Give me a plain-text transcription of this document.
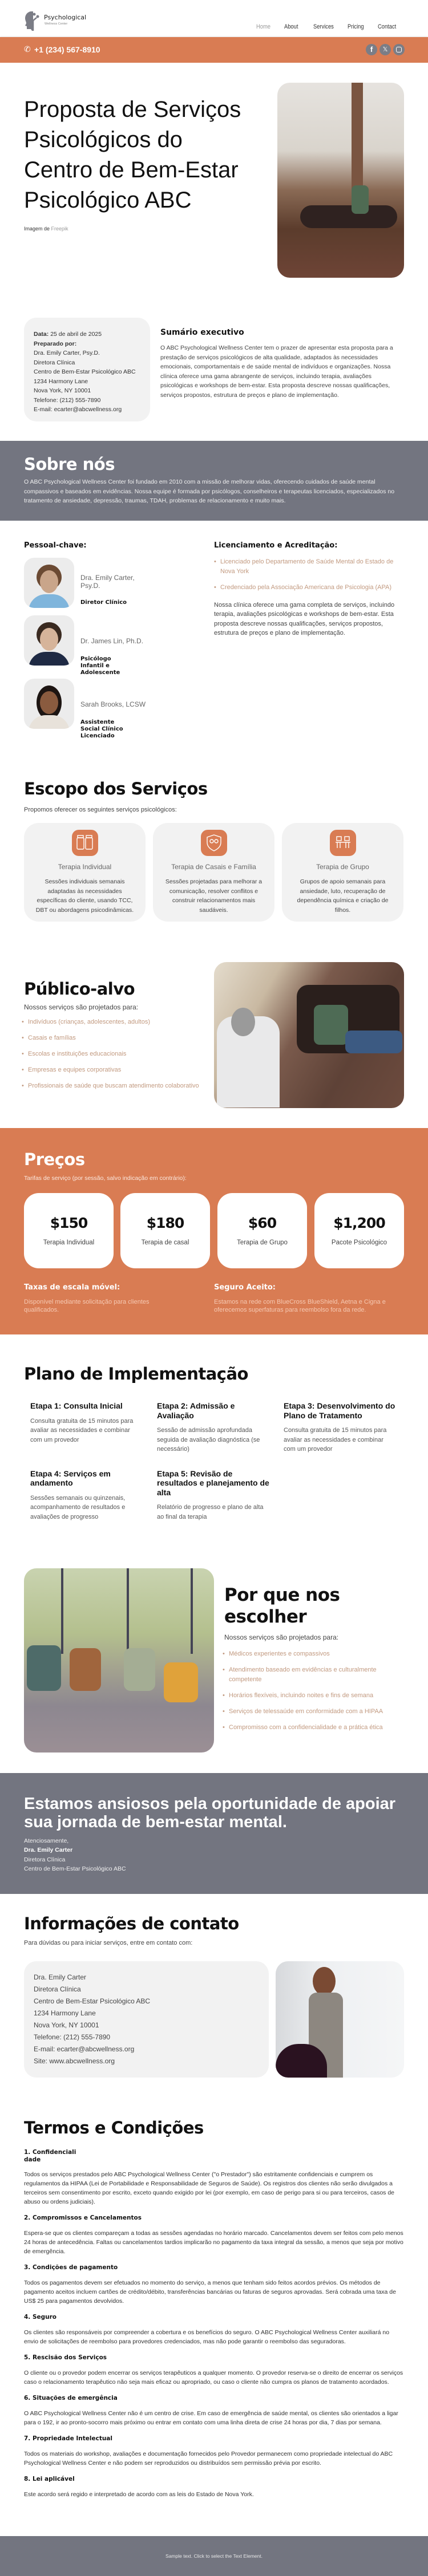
Psychological
Wellness Center	Home About Services Pricing Contact
✆ +1 (234) 567-8910	f	𝕏
Proposta de Serviços Psicológicos do Centro de Bem-Estar Psicológico ABC
Imagem de Freepik
Data: 25 de abril de 2025
Preparado por:
Dra. Emily Carter, Psy.D.
Diretora Clínica
Centro de Bem-Estar Psicológico ABC
1234 Harmony Lane
Nova York, NY 10001
Telefone: (212) 555-7890
E-mail: ecarter@abcwellness.org
Sumário executivo

O ABC Psychological Wellness Center tem o prazer de apresentar esta proposta para a prestação de serviços psicológicos de alta qualidade, adaptados às necessidades emocionais, comportamentais e de saúde mental de indivíduos e organizações. Nossa clínica oferece uma gama abrangente de serviços, incluindo terapia, avaliações psicológicas e workshops de bem-estar. Esta proposta descreve nossas qualificações, serviços propostos, estrutura de preços e plano de implementação.

Sobre nós

O ABC Psychological Wellness Center foi fundado em 2010 com a missão de melhorar vidas, oferecendo cuidados de saúde mental compassivos e baseados em evidências. Nossa equipe é formada por psicólogos, conselheiros e terapeutas licenciados, especializados no tratamento de ansiedade, depressão, traumas, TDAH, problemas de relacionamento e muito mais.

Pessoal-chave:	Licenciamento e Acreditação:
• Licenciado pelo Departamento de Saúde Mental do Estado de Nova York
• Credenciado pela Associação Americana de Psicologia (APA)

Nossa clínica oferece uma gama completa de serviços, incluindo terapia, avaliações psicológicas e workshops de bem-estar. Esta proposta descreve nossas qualificações, serviços propostos, estrutura de preços e plano de implementação.

Escopo dos Serviços

Propomos oferecer os seguintes serviços psicológicos:

Público-alvo

Nossos serviços são projetados para:

• Indivíduos (crianças, adolescentes, adultos)
• Casais e famílias
• Escolas e instituições educacionais
• Empresas e equipes corporativas
• Profissionais de saúde que buscam atendimento colaborativo
Preços

Tarifas de serviço (por sessão, salvo indicação em contrário):

$150
Terapia Individual
$180
Terapia de casal
$60
Terapia de Grupo
$1,200
Pacote Psicológico
Taxas de escala móvel:

Disponível mediante solicitação para clientes qualificados.

Seguro Aceito:

Estamos na rede com BlueCross BlueShield, Aetna e Cigna e oferecemos superfaturas para reembolso fora da rede.

Plano de Implementação
Etapa 1: Consulta Inicial
Consulta gratuita de 15 minutos para avaliar as necessidades e combinar com um provedor
Etapa 2: Admissão e Avaliação
Sessão de admissão aprofundada seguida de avaliação diagnóstica (se necessário)
Etapa 3: Desenvolvimento do Plano de Tratamento
Consulta gratuita de 15 minutos para avaliar as necessidades e combinar com um provedor
Etapa 4: Serviços em andamento
Sessões semanais ou quinzenais, acompanhamento de resultados e avaliações de progresso
Etapa 5: Revisão de resultados e planejamento de alta
Relatório de progresso e plano de alta ao final da terapia
Por que nos escolher

Nossos serviços são projetados para:

• Médicos experientes e compassivos
• Atendimento baseado em evidências e culturalmente competente
• Horários flexíveis, incluindo noites e fins de semana
• Serviços de telessaúde em conformidade com a HIPAA
• Compromisso com a confidencialidade e a prática ética
Estamos ansiosos pela oportunidade de apoiar sua jornada de bem-estar mental.
Atenciosamente,
Dra. Emily Carter
Diretora Clínica
Centro de Bem-Estar Psicológico ABC
Informações de contato

Para dúvidas ou para iniciar serviços, entre em contato com:

Dra. Emily Carter
Diretora Clínica
Centro de Bem-Estar Psicológico ABC
1234 Harmony Lane
Nova York, NY 10001
Telefone: (212) 555-7890
E-mail: ecarter@abcwellness.org
Site: www.abcwellness.org
Termos e Condições
1. Confidencialidade
Todos os serviços prestados pelo ABC Psychological Wellness Center ("o Prestador") são estritamente confidenciais e cumprem os regulamentos da HIPAA (Lei de Portabilidade e Responsabilidade de Seguros de Saúde). Os registros dos clientes não serão divulgados a terceiros sem consentimento por escrito, exceto quando exigido por lei (por exemplo, em caso de perigo para si ou para terceiros, casos de abuso ou ordens judiciais).
2. Compromissos e Cancelamentos
Espera-se que os clientes compareçam a todas as sessões agendadas no horário marcado. Cancelamentos devem ser feitos com pelo menos 24 horas de antecedência. Faltas ou cancelamentos tardios implicarão no pagamento da taxa integral da sessão, a menos que seja por motivo de emergência.
3. Condições de pagamento
Todos os pagamentos devem ser efetuados no momento do serviço, a menos que tenham sido feitos acordos prévios. Os métodos de pagamento aceitos incluem cartões de crédito/débito, transferências bancárias ou faturas de seguros aprovadas. Será cobrada uma taxa de US$ 25 para pagamentos devolvidos.
4. Seguro
Os clientes são responsáveis por compreender a cobertura e os benefícios do seguro. O ABC Psychological Wellness Center auxiliará no envio de solicitações de reembolso para provedores credenciados, mas não pode garantir o reembolso das seguradoras.
5. Rescisão dos Serviços
O cliente ou o provedor podem encerrar os serviços terapêuticos a qualquer momento. O provedor reserva-se o direito de encerrar os serviços caso o relacionamento terapêutico não seja mais eficaz ou apropriado, ou caso o cliente não cumpra os planos de tratamento acordados.
6. Situações de emergência
O ABC Psychological Wellness Center não é um centro de crise. Em caso de emergência de saúde mental, os clientes são orientados a ligar para o 192, ir ao pronto-socorro mais próximo ou entrar em contato com uma linha direta de crise 24 horas por dia, 7 dias por semana.
7. Propriedade Intelectual
Todos os materiais do workshop, avaliações e documentação fornecidos pelo Provedor permanecem como propriedade intelectual do ABC Psychological Wellness Center e não podem ser reproduzidos ou distribuídos sem permissão prévia por escrito.
8. Lei aplicável
Este acordo será regido e interpretado de acordo com as leis do Estado de Nova York.
Sample text. Click to select the Text Element.
Dra. Emily Carter, Psy.D.
Diretor Clínico
Dr. James Lin, Ph.D.
Psicólogo Infantil e Adolescente
Sarah Brooks, LCSW
Assistente Social Clínico Licenciado
Terapia Individual
Sessões individuais semanais adaptadas às necessidades específicas do cliente, usando TCC, DBT ou abordagens psicodinâmicas.
Terapia de Casais e Família
Sessões projetadas para melhorar a comunicação, resolver conflitos e construir relacionamentos mais saudáveis.
Terapia de Grupo
Grupos de apoio semanais para ansiedade, luto, recuperação de dependência química e criação de filhos.
